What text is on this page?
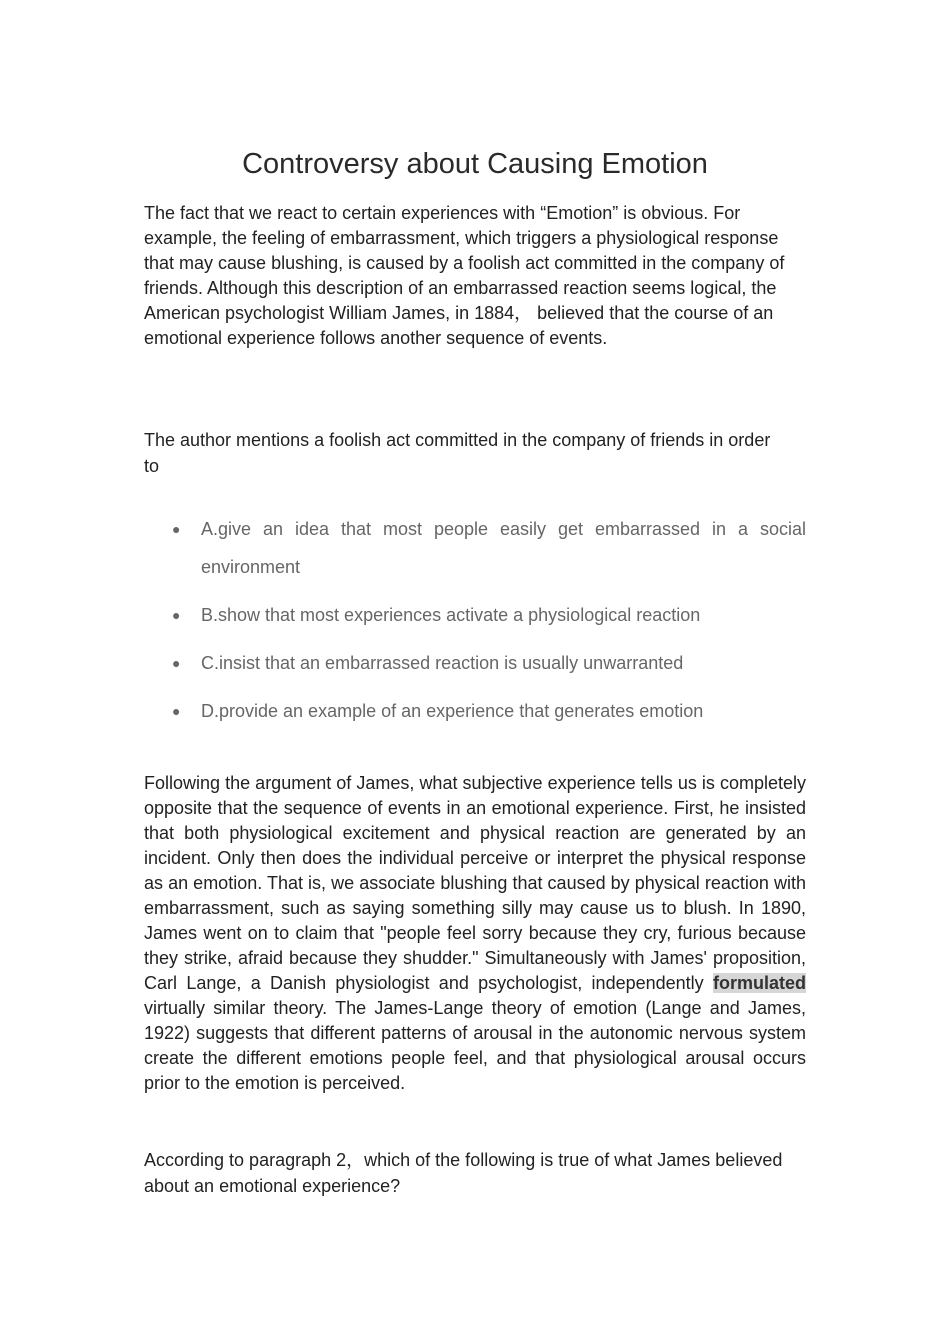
Controversy about Causing Emotion

The fact that we react to certain experiences with “Emotion” is obvious. For example, the feeling of embarrassment, which triggers a physiological response that may cause blushing, is caused by a foolish act committed in the company of friends. Although this description of an embarrassed reaction seems logical, the American psychologist William James, in 1884， believed that the course of an emotional experience follows another sequence of events.

The author mentions a foolish act committed in the company of friends in order to

● A.give an idea that most people easily get embarrassed in a social environment
● B.show that most experiences activate a physiological reaction
● C.insist that an embarrassed reaction is usually unwarranted
● D.provide an example of an experience that generates emotion

Following the argument of James, what subjective experience tells us is completely opposite that the sequence of events in an emotional experience. First, he insisted that both physiological excitement and physical reaction are generated by an incident. Only then does the individual perceive or interpret the physical response as an emotion. That is, we associate blushing that caused by physical reaction with embarrassment, such as saying something silly may cause us to blush. In 1890, James went on to claim that "people feel sorry because they cry, furious because they strike, afraid because they shudder." Simultaneously with James' proposition, Carl Lange, a Danish physiologist and psychologist, independently formulated virtually similar theory. The James-Lange theory of emotion (Lange and James, 1922) suggests that different patterns of arousal in the autonomic nervous system create the different emotions people feel, and that physiological arousal occurs prior to the emotion is perceived.

According to paragraph 2，which of the following is true of what James believed about an emotional experience?
